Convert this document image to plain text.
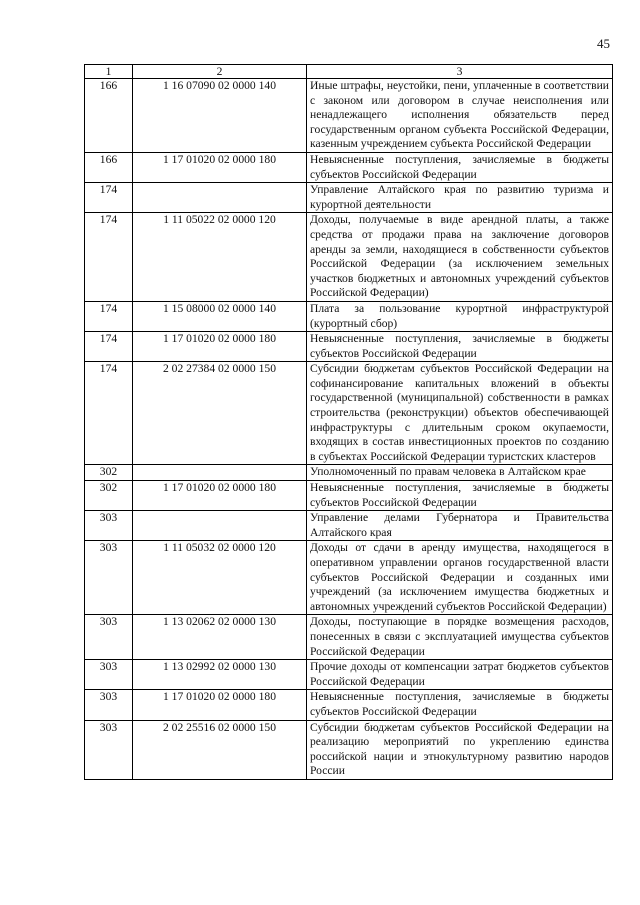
45
1	2	3
166	1 16 07090 02 0000 140	Иные штрафы, неустойки, пени, уплаченные в соответствии с законом или договором в случае неисполнения или ненадлежащего исполнения обязательств перед государственным органом субъекта Российской Федерации, казенным учреждением субъекта Российской Федерации
166	1 17 01020 02 0000 180	Невыясненные поступления, зачисляемые в бюджеты субъектов Российской Федерации
174		Управление Алтайского края по развитию туризма и курортной деятельности
174	1 11 05022 02 0000 120	Доходы, получаемые в виде арендной платы, а также средства от продажи права на заключение договоров аренды за земли, находящиеся в собственности субъектов Российской Федерации (за исключением земельных участков бюджетных и автономных учреждений субъектов Российской Федерации)
174	1 15 08000 02 0000 140	Плата за пользование курортной инфраструктурой (курортный сбор)
174	1 17 01020 02 0000 180	Невыясненные поступления, зачисляемые в бюджеты субъектов Российской Федерации
174	2 02 27384 02 0000 150	Субсидии бюджетам субъектов Российской Федерации на софинансирование капитальных вложений в объекты государственной (муниципальной) собственности в рамках строительства (реконструкции) объектов обеспечивающей инфраструктуры с длительным сроком окупаемости, входящих в состав инвестиционных проектов по созданию в субъектах Российской Федерации туристских кластеров
302		Уполномоченный по правам человека в Алтайском крае
302	1 17 01020 02 0000 180	Невыясненные поступления, зачисляемые в бюджеты субъектов Российской Федерации
303		Управление делами Губернатора и Правительства Алтайского края
303	1 11 05032 02 0000 120	Доходы от сдачи в аренду имущества, находящегося в оперативном управлении органов государственной власти субъектов Российской Федерации и созданных ими учреждений (за исключением имущества бюджетных и автономных учреждений субъектов Российской Федерации)
303	1 13 02062 02 0000 130	Доходы, поступающие в порядке возмещения расходов, понесенных в связи с эксплуатацией имущества субъектов Российской Федерации
303	1 13 02992 02 0000 130	Прочие доходы от компенсации затрат бюджетов субъектов Российской Федерации
303	1 17 01020 02 0000 180	Невыясненные поступления, зачисляемые в бюджеты субъектов Российской Федерации
303	2 02 25516 02 0000 150	Субсидии бюджетам субъектов Российской Федерации на реализацию мероприятий по укреплению единства российской нации и этнокультурному развитию народов России
